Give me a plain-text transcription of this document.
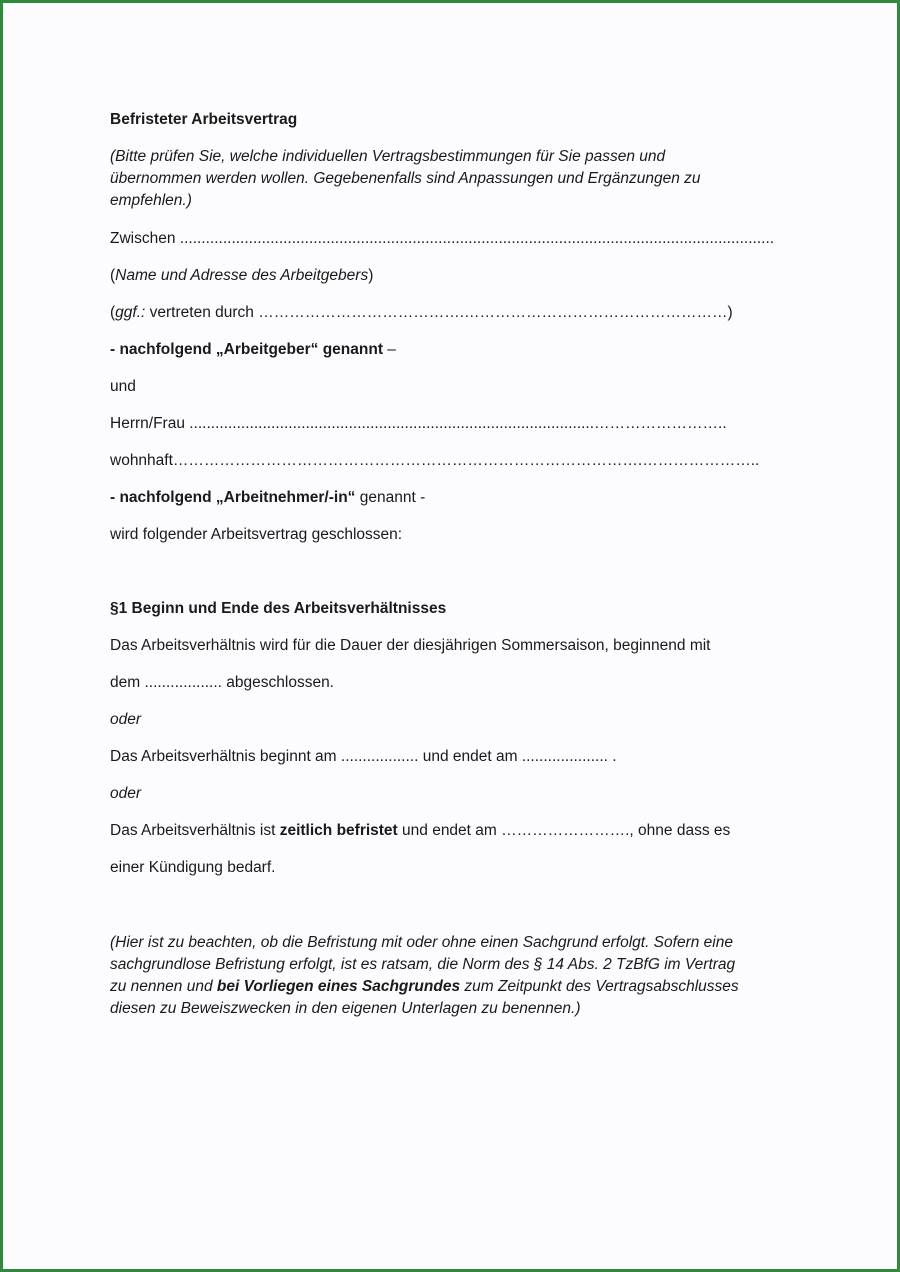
Befristeter Arbeitsvertrag
(Bitte prüfen Sie, welche individuellen Vertragsbestimmungen für Sie passen und
übernommen werden wollen. Gegebenenfalls sind Anpassungen und Ergänzungen zu
empfehlen.)
Zwischen ..........................................................................................................................................
(Name und Adresse des Arbeitgebers)
(ggf.: vertreten durch ………………………………….……………………………………………)
- nachfolgend „Arbeitgeber“ genannt –
und
Herrn/Frau ..............................................................................................……………………..
wohnhaft……………………………………………………………………………….…………………..
- nachfolgend „Arbeitnehmer/-in“ genannt -
wird folgender Arbeitsvertrag geschlossen:
§1 Beginn und Ende des Arbeitsverhältnisses
Das Arbeitsverhältnis wird für die Dauer der diesjährigen Sommersaison, beginnend mit
dem .................. abgeschlossen.
oder
Das Arbeitsverhältnis beginnt am .................. und endet am .................... .
oder
Das Arbeitsverhältnis ist zeitlich befristet und endet am ……………………., ohne dass es
einer Kündigung bedarf.
(Hier ist zu beachten, ob die Befristung mit oder ohne einen Sachgrund erfolgt. Sofern eine
sachgrundlose Befristung erfolgt, ist es ratsam, die Norm des § 14 Abs. 2 TzBfG im Vertrag
zu nennen und bei Vorliegen eines Sachgrundes zum Zeitpunkt des Vertragsabschlusses
diesen zu Beweiszwecken in den eigenen Unterlagen zu benennen.)
